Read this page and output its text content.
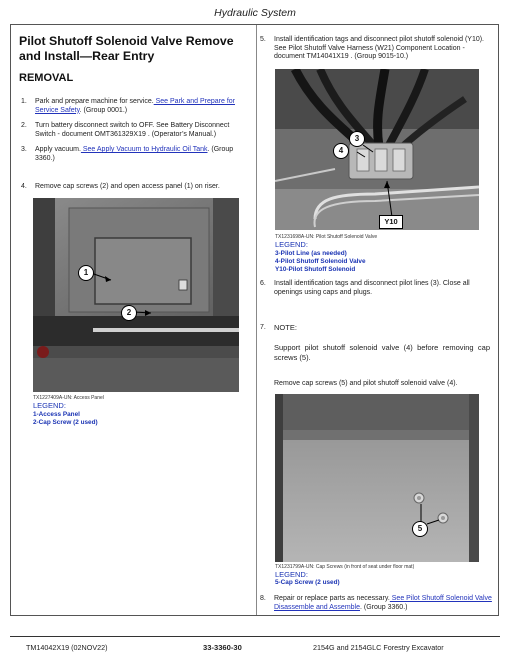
Hydraulic System
Pilot Shutoff Solenoid Valve Remove and Install—Rear Entry
REMOVAL
1. Park and prepare machine for service. See Park and Prepare for Service Safety. (Group 0001.)
2. Turn battery disconnect switch to OFF. See Battery Disconnect Switch - document OMT361329X19 . (Operator’s Manual.)
3. Apply vacuum. See Apply Vacuum to Hydraulic Oil Tank. (Group 3360.)
4. Remove cap screws (2) and open access panel (1) on riser.
1
2
TX1227409A-UN: Access Panel
LEGEND:
1-Access Panel
2-Cap Screw (2 used)
5. Install identification tags and disconnect pilot shutoff solenoid (Y10). See Pilot Shutoff Valve Harness (W21) Component Location - document TM14041X19 . (Group 9015-10.)
3
4
Y10
TX1231698A-UN: Pilot Shutoff Solenoid Valve
LEGEND:
3-Pilot Line (as needed)
4-Pilot Shutoff Solenoid Valve
Y10-Pilot Shutoff Solenoid
6. Install identification tags and disconnect pilot lines (3). Close all openings using caps and plugs.
7. NOTE:
Support pilot shutoff solenoid valve (4) before removing cap screws (5).
Remove cap screws (5) and pilot shutoff solenoid valve (4).
5
TX1231799A-UN: Cap Screws (in front of seat under floor mat)
LEGEND:
5-Cap Screw (2 used)
8. Repair or replace parts as necessary. See Pilot Shutoff Solenoid Valve Disassemble and Assemble. (Group 3360.)
TM14042X19 (02NOV22)	33-3360-30	2154G and 2154GLC Forestry Excavator
